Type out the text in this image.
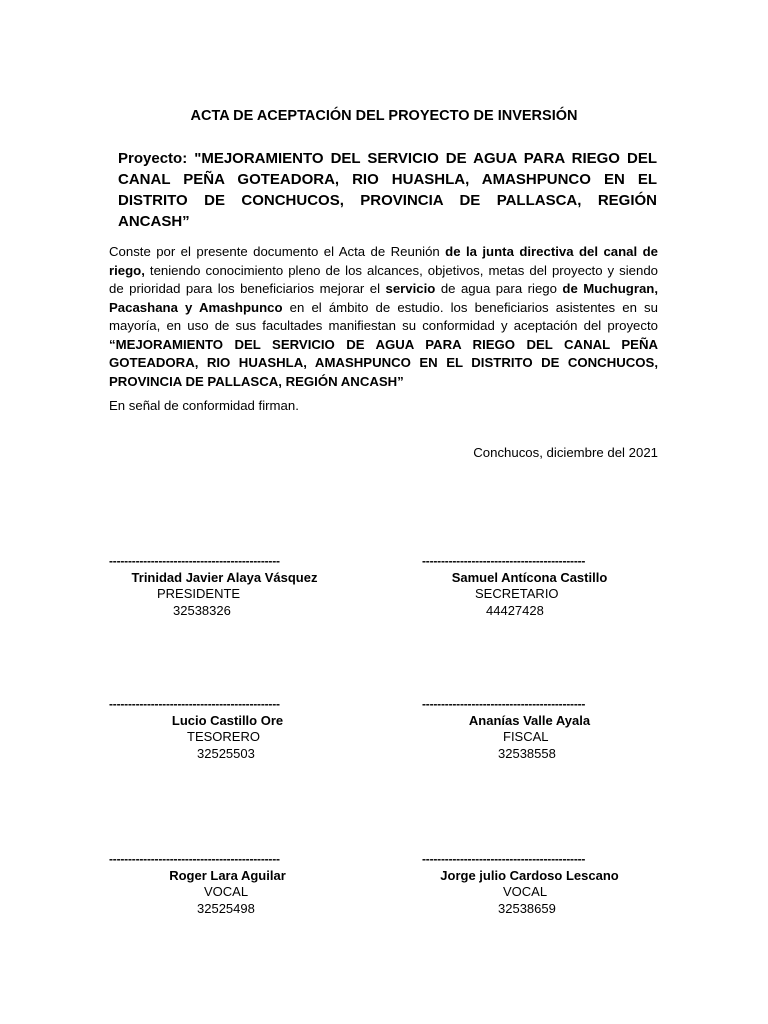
ACTA DE ACEPTACIÓN DEL PROYECTO DE INVERSIÓN

Proyecto: "MEJORAMIENTO DEL SERVICIO DE AGUA PARA RIEGO DEL CANAL PEÑA GOTEADORA, RIO HUASHLA, AMASHPUNCO EN EL DISTRITO DE CONCHUCOS, PROVINCIA DE PALLASCA, REGIÓN ANCASH”

Conste por el presente documento el Acta de Reunión de la junta directiva del canal de riego, teniendo conocimiento pleno de los alcances, objetivos, metas del proyecto y siendo de prioridad para los beneficiarios mejorar el servicio de agua para riego de Muchugran, Pacashana y Amashpunco en el ámbito de estudio. los beneficiarios asistentes en su mayoría, en uso de sus facultades manifiestan su conformidad y aceptación del proyecto “MEJORAMIENTO DEL SERVICIO DE AGUA PARA RIEGO DEL CANAL PEÑA GOTEADORA, RIO HUASHLA, AMASHPUNCO EN EL DISTRITO DE CONCHUCOS, PROVINCIA DE PALLASCA, REGIÓN ANCASH”

En señal de conformidad firman.

Conchucos, diciembre del 2021

---------------------------------------------
Trinidad Javier Alaya Vásquez
PRESIDENTE
32538326
-------------------------------------------
Samuel Antícona Castillo
SECRETARIO
44427428
---------------------------------------------
Lucio Castillo Ore
TESORERO
32525503
-------------------------------------------
Ananías Valle Ayala
FISCAL
32538558
---------------------------------------------
Roger Lara Aguilar
VOCAL
32525498
-------------------------------------------
Jorge julio Cardoso Lescano
VOCAL
32538659
